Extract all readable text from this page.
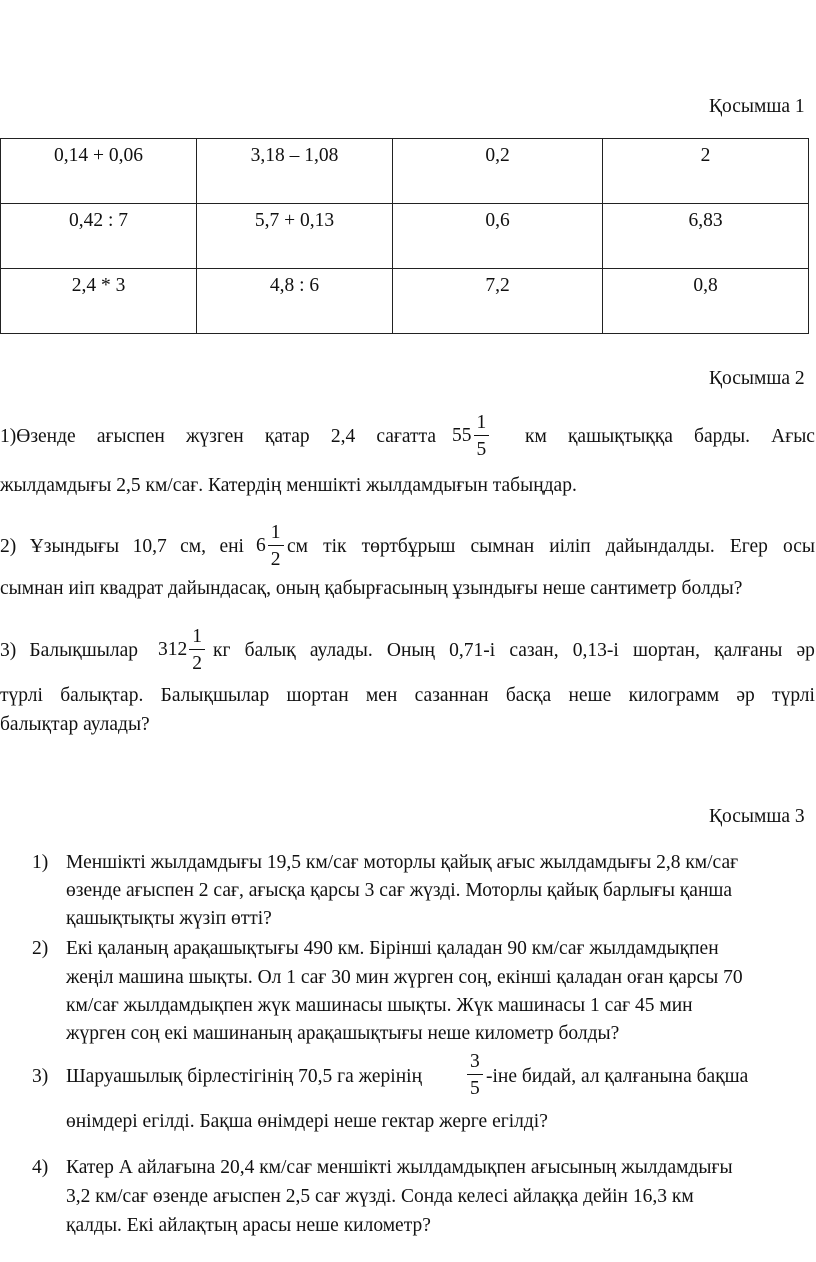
Қосымша 1
0,14 + 0,06	3,18 – 1,08	0,2	2
0,42 : 7	5,7 + 0,13	0,6	6,83
2,4 * 3	4,8 : 6	7,2	0,8
Қосымша 2
1)Өзенде ағыспен жүзген қатар 2,4 сағатта $55 \frac{1}{5}$ км қашықтыққа барды. Ағыс
жылдамдығы 2,5 км/сағ. Катердің меншікті жылдамдығын табыңдар.
2) Ұзындығы 10,7 см, ені $6 \frac{1}{2}$ см тік төртбұрыш сымнан иіліп дайындалды. Егер осы
сымнан иіп квадрат дайындасақ, оның қабырғасының ұзындығы неше сантиметр болды?
3) Балықшылар $312 \frac{1}{2}$ кг балық аулады. Оның 0,71-і сазан, 0,13-і шортан, қалғаны әр
түрлі балықтар. Балықшылар шортан мен сазаннан басқа неше килограмм әр түрлі
балықтар аулады?
Қосымша 3
1) Меншікті жылдамдығы 19,5 км/сағ моторлы қайық ағыс жылдамдығы 2,8 км/сағ
өзенде ағыспен 2 сағ, ағысқа қарсы 3 сағ жүзді. Моторлы қайық барлығы қанша
қашықтықты жүзіп өтті?
2) Екі қаланың арақашықтығы 490 км. Бірінші қаладан 90 км/сағ жылдамдықпен
жеңіл машина шықты. Ол 1 сағ 30 мин жүрген соң, екінші қаладан оған қарсы 70
км/сағ жылдамдықпен жүк машинасы шықты. Жүк машинасы 1 сағ 45 мин
жүрген соң екі машинаның арақашықтығы неше километр болды?
3) Шаруашылық бірлестігінің 70,5 га жерінің $\frac{3}{5} -іне$ бидай, ал қалғанына бақша
өнімдері егілді. Бақша өнімдері неше гектар жерге егілді?
4) Катер А айлағына 20,4 км/сағ меншікті жылдамдықпен ағысының жылдамдығы
3,2 км/сағ өзенде ағыспен 2,5 сағ жүзді. Сонда келесі айлаққа дейін 16,3 км
қалды. Екі айлақтың арасы неше километр?
